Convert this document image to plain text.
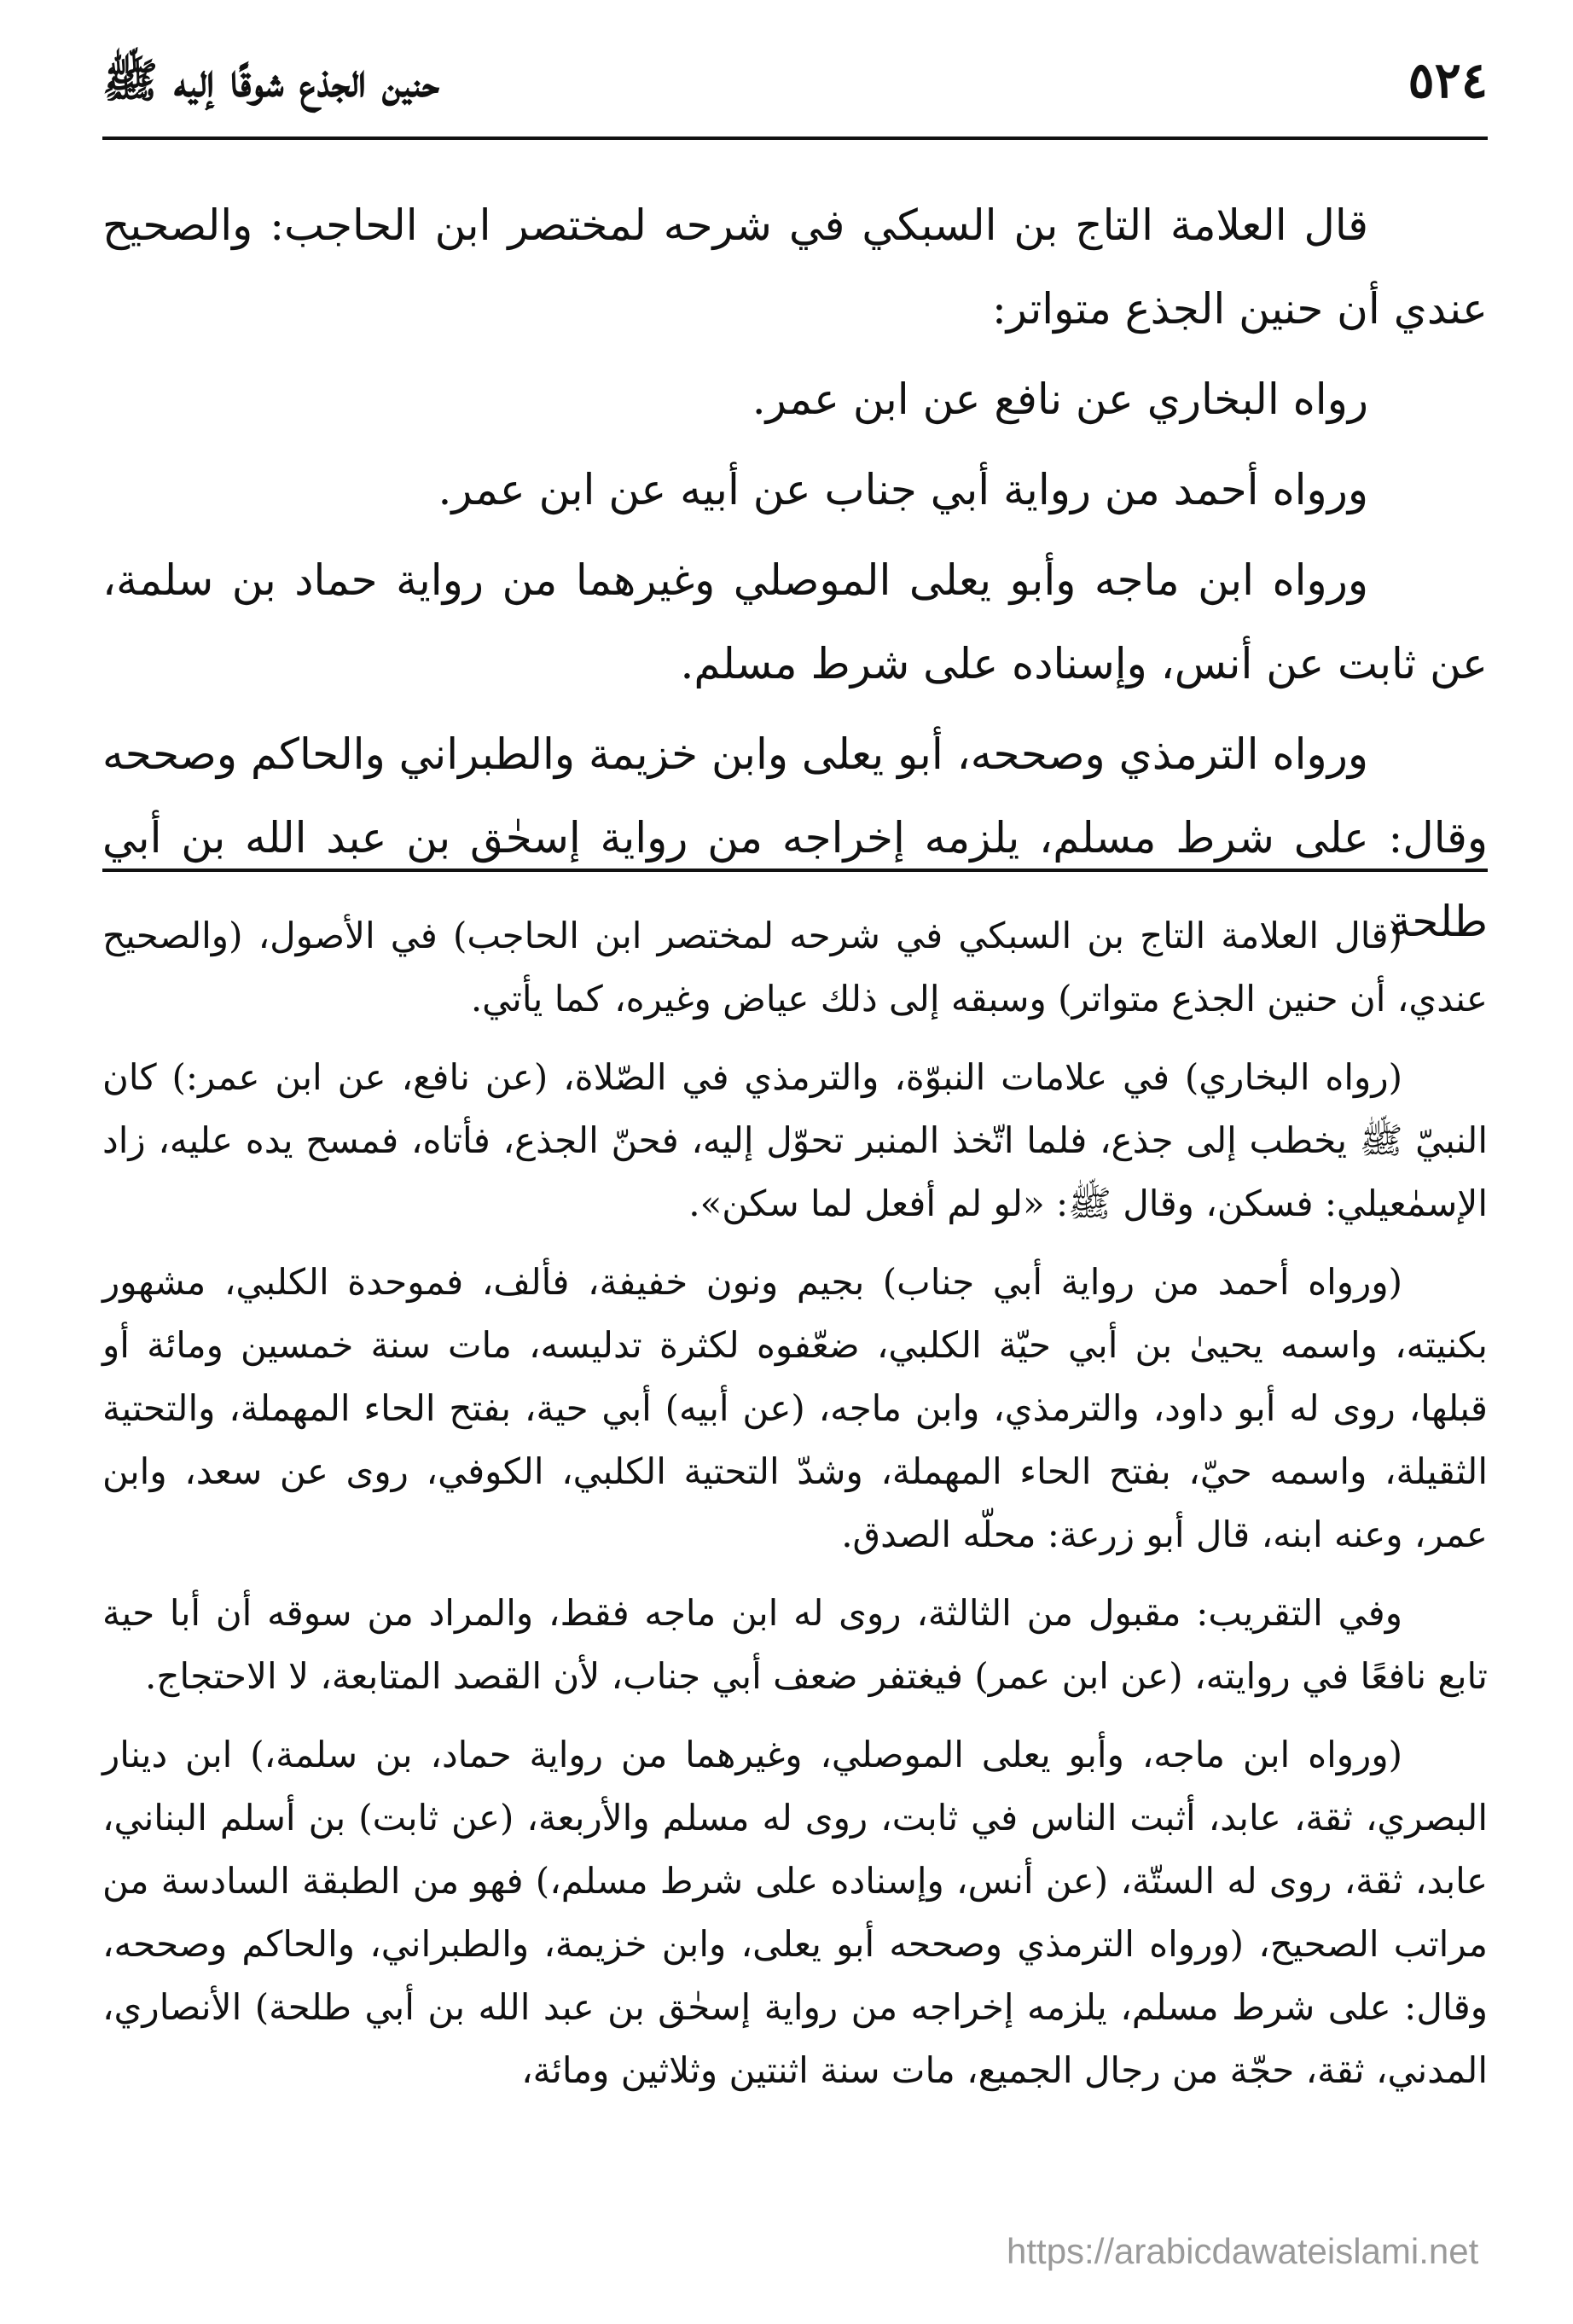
٥٢٤
حنين الجذع شوقًا إليه ﷺ

قال العلامة التاج بن السبكي في شرحه لمختصر ابن الحاجب: والصحيح عندي أن حنين الجذع متواتر:

رواه البخاري عن نافع عن ابن عمر.

ورواه أحمد من رواية أبي جناب عن أبيه عن ابن عمر.

ورواه ابن ماجه وأبو يعلى الموصلي وغيرهما من رواية حماد بن سلمة، عن ثابت عن أنس، وإسناده على شرط مسلم.

ورواه الترمذي وصححه، أبو يعلى وابن خزيمة والطبراني والحاكم وصححه وقال: على شرط مسلم، يلزمه إخراجه من رواية إسحٰق بن عبد الله بن أبي طلحة

(قال العلامة التاج بن السبكي في شرحه لمختصر ابن الحاجب) في الأصول، (والصحيح عندي، أن حنين الجذع متواتر) وسبقه إلى ذلك عياض وغيره، كما يأتي.

(رواه البخاري) في علامات النبوّة، والترمذي في الصّلاة، (عن نافع، عن ابن عمر:) كان النبيّ ﷺ يخطب إلى جذع، فلما اتّخذ المنبر تحوّل إليه، فحنّ الجذع، فأتاه، فمسح يده عليه، زاد الإسمٰعيلي: فسكن، وقال ﷺ: «لو لم أفعل لما سكن».

(ورواه أحمد من رواية أبي جناب) بجيم ونون خفيفة، فألف، فموحدة الكلبي، مشهور بكنيته، واسمه يحيىٰ بن أبي حيّة الكلبي، ضعّفوه لكثرة تدليسه، مات سنة خمسين ومائة أو قبلها، روى له أبو داود، والترمذي، وابن ماجه، (عن أبيه) أبي حية، بفتح الحاء المهملة، والتحتية الثقيلة، واسمه حيّ، بفتح الحاء المهملة، وشدّ التحتية الكلبي، الكوفي، روى عن سعد، وابن عمر، وعنه ابنه، قال أبو زرعة: محلّه الصدق.

وفي التقريب: مقبول من الثالثة، روى له ابن ماجه فقط، والمراد من سوقه أن أبا حية تابع نافعًا في روايته، (عن ابن عمر) فيغتفر ضعف أبي جناب، لأن القصد المتابعة، لا الاحتجاج.

(ورواه ابن ماجه، وأبو يعلى الموصلي، وغيرهما من رواية حماد، بن سلمة،) ابن دينار البصري، ثقة، عابد، أثبت الناس في ثابت، روى له مسلم والأربعة، (عن ثابت) بن أسلم البناني، عابد، ثقة، روى له الستّة، (عن أنس، وإسناده على شرط مسلم،) فهو من الطبقة السادسة من مراتب الصحيح، (ورواه الترمذي وصححه أبو يعلى، وابن خزيمة، والطبراني، والحاكم وصححه، وقال: على شرط مسلم، يلزمه إخراجه من رواية إسحٰق بن عبد الله بن أبي طلحة) الأنصاري، المدني، ثقة، حجّة من رجال الجميع، مات سنة اثنتين وثلاثين ومائة،

https://arabicdawateislami.net
